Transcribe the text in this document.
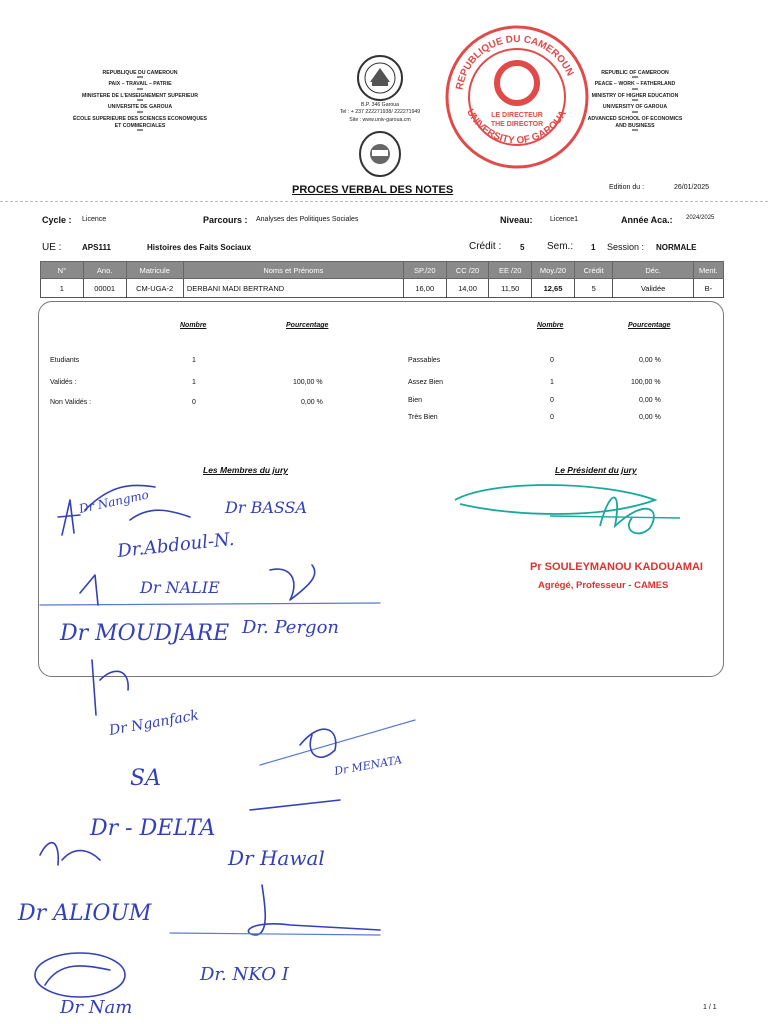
REPUBLIQUE DU CAMEROUN
***
PAIX – TRAVAIL – PATRIE
***
MINISTERE DE L'ENSEIGNEMENT SUPERIEUR
***
UNIVERSITE DE GAROUA
***
ÉCOLE SUPERIEURE DES SCIENCES ECONOMIQUES
ET COMMERCIALES
***
B.P. 346 Garoua
Tel : + 237 222271938/ 222271949
Site : www.univ-garoua.cm
REPUBLIQUE DU CAMEROUN
UNIVERSITY OF GAROUA
LE DIRECTEUR
THE DIRECTOR
REPUBLIC OF CAMEROON
***
PEACE – WORK – FATHERLAND
***
MINISTRY OF HIGHER EDUCATION
***
UNIVERSITY OF GAROUA
***
ADVANCED SCHOOL OF ECONOMICS
AND BUSINESS
***
PROCES VERBAL DES NOTES	Edition du :	26/01/2025
Cycle : Licence	Parcours : Analyses des Politiques Sociales	Niveau: Licence1	Année Aca.: 2024/2025
UE :	APS111	Histoires des Faits Sociaux	Crédit : 5 Sem.: 1 Session : NORMALE
N°	Ano.	Matricule	Noms et Prénoms	SP./20	CC /20	EE /20	Moy./20	Crédit	Déc.	Ment.
1	00001	CM-UGA-2	DERBANI MADI BERTRAND	16,00	14,00	11,50	12,65	5	Validée	B-
Nombre	Pourcentage	Nombre	Pourcentage
Etudiants	1
Validés :	1	100,00 %
Non Validés :	0	0,00 %
Passables	0	0,00 %
Assez Bien	1	100,00 %
Bien	0	0,00 %
Très Bien	0	0,00 %
Les Membres du jury	Le Président du jury
Pr SOULEYMANOU KADOUAMAI
Agrégé, Professeur - CAMES
Dr Nangmo	Dr BASSA
Dr.Abdoul-N.
Dr NALIE
Dr MOUDJARE Dr. Pergon
Dr Nganfack
Dr MENATA
SA
Dr - DELTA
Dr Hawal
Dr ALIOUM
Dr. NKO I
Dr Nam	1 / 1
